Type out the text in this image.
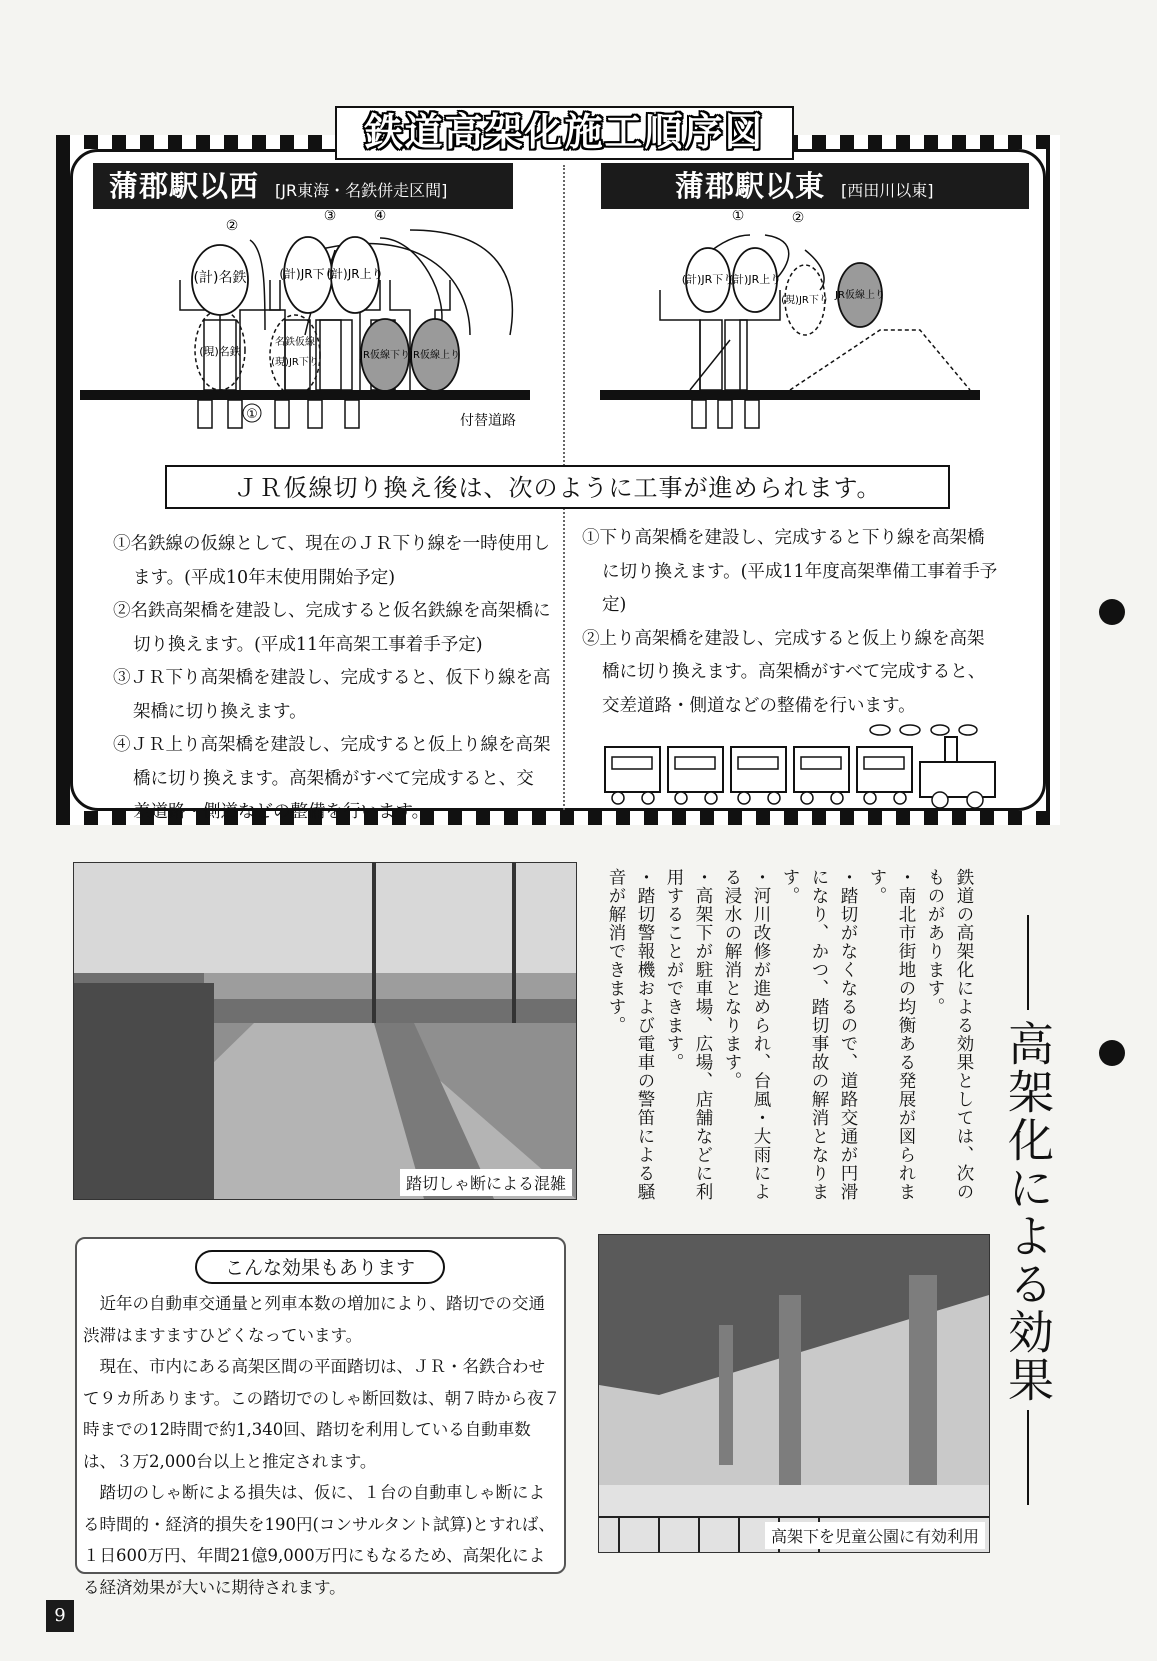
鉄道高架化施工順序図
蒲郡駅以西 [JR東海・名鉄併走区間]	蒲郡駅以東 [西田川以東]
①
②
③	④
(計)名鉄	(計)JR下り
(計)JR上り
(現)名鉄
名鉄仮線
(現)JR下り
JR仮線下り JR仮線上り
付替道路
①	②
(計)JR下り
(計)JR上り
(現)JR下り JR仮線上り
ＪＲ仮線切り換え後は、次のように工事が進められます。
①名鉄線の仮線として、現在のＪＲ下り線を一時使用します。(平成10年末使用開始予定)
②名鉄高架橋を建設し、完成すると仮名鉄線を高架橋に切り換えます。(平成11年高架工事着手予定)
③ＪＲ下り高架橋を建設し、完成すると、仮下り線を高架橋に切り換えます。
④ＪＲ上り高架橋を建設し、完成すると仮上り線を高架橋に切り換えます。高架橋がすべて完成すると、交差道路・側道などの整備を行います。
①下り高架橋を建設し、完成すると下り線を高架橋に切り換えます。(平成11年度高架準備工事着手予定)
②上り高架橋を建設し、完成すると仮上り線を高架橋に切り換えます。高架橋がすべて完成すると、交差道路・側道などの整備を行います。
踏切しゃ断による混雑	鉄道の高架化による効果としては、次のものがあります。

・南北市街地の均衡ある発展が図られます。

・踏切がなくなるので、道路交通が円滑になり、かつ、踏切事故の解消となります。

・河川改修が進められ、台風・大雨による浸水の解消となります。

・高架下が駐車場、広場、店舗などに利用することができます。

・踏切警報機および電車の警笛による騒音が解消できます。

高架化による効果
こんな効果もあります

近年の自動車交通量と列車本数の増加により、踏切での交通渋滞はますますひどくなっています。

現在、市内にある高架区間の平面踏切は、ＪＲ・名鉄合わせて９カ所あります。この踏切でのしゃ断回数は、朝７時から夜７時までの12時間で約1,340回、踏切を利用している自動車数は、３万2,000台以上と推定されます。

踏切のしゃ断による損失は、仮に、１台の自動車しゃ断による時間的・経済的損失を190円(コンサルタント試算)とすれば、１日600万円、年間21億9,000万円にもなるため、高架化による経済効果が大いに期待されます。

高架下を児童公園に有効利用
9
